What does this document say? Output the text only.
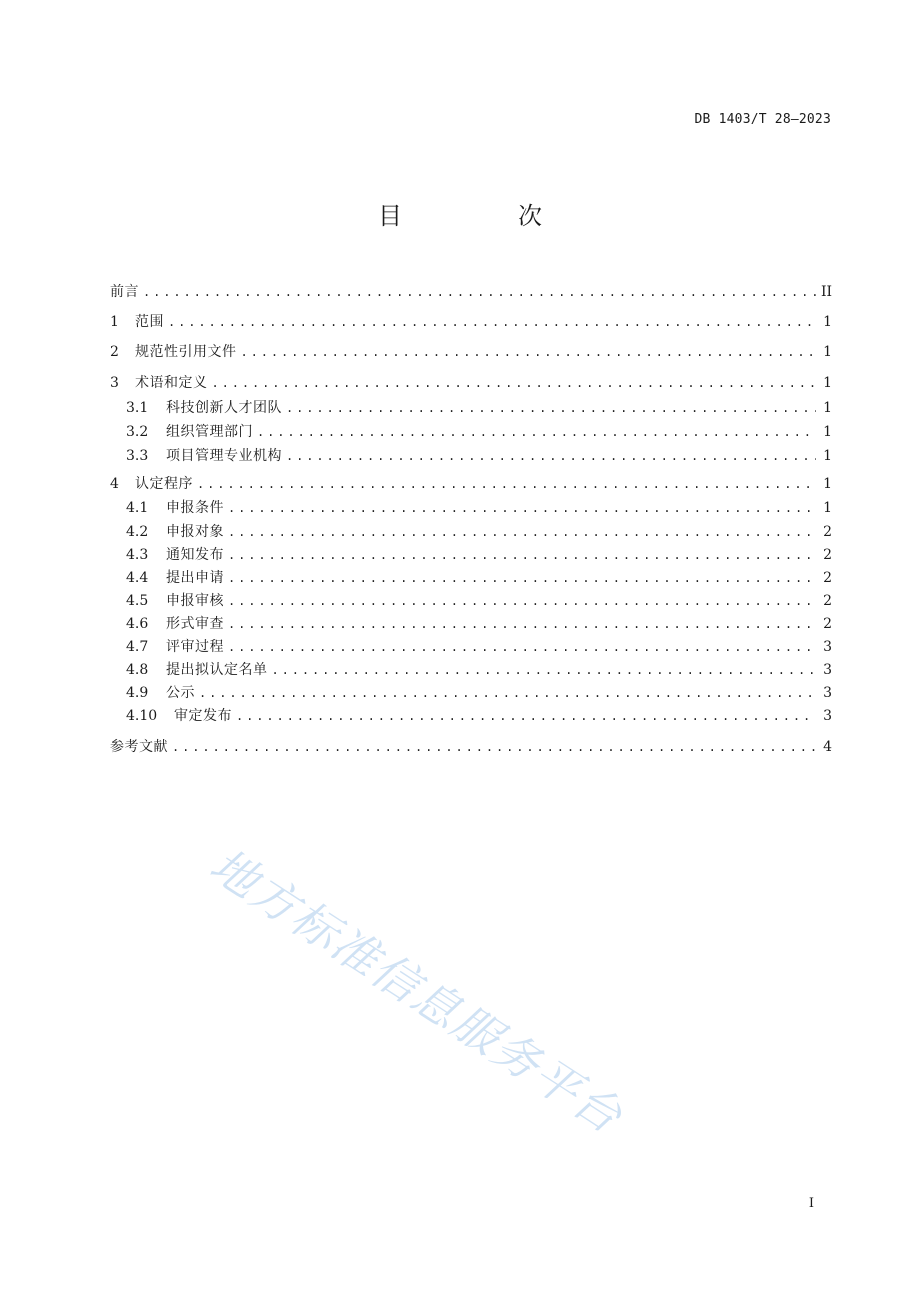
DB 1403/T 28—2023
目　次
前言 .....	II
1	范围 .....	1
2	规范性引用文件 .....	1
3	术语和定义 .....	1
3.1	科技创新人才团队 .....	1
3.2	组织管理部门 .....	1
3.3	项目管理专业机构 .....	1
4	认定程序 .....	1
4.1	申报条件 .....	1
4.2	申报对象 .....	2
4.3	通知发布 .....	2
4.4	提出申请 .....	2
4.5	申报审核 .....	2
4.6	形式审查 .....	2
4.7	评审过程 .....	3
4.8	提出拟认定名单 .....	3
4.9	公示 .....	3
4.10	审定发布 .....	3
参考文献 .....	4
地方标准信息服务平台
I
